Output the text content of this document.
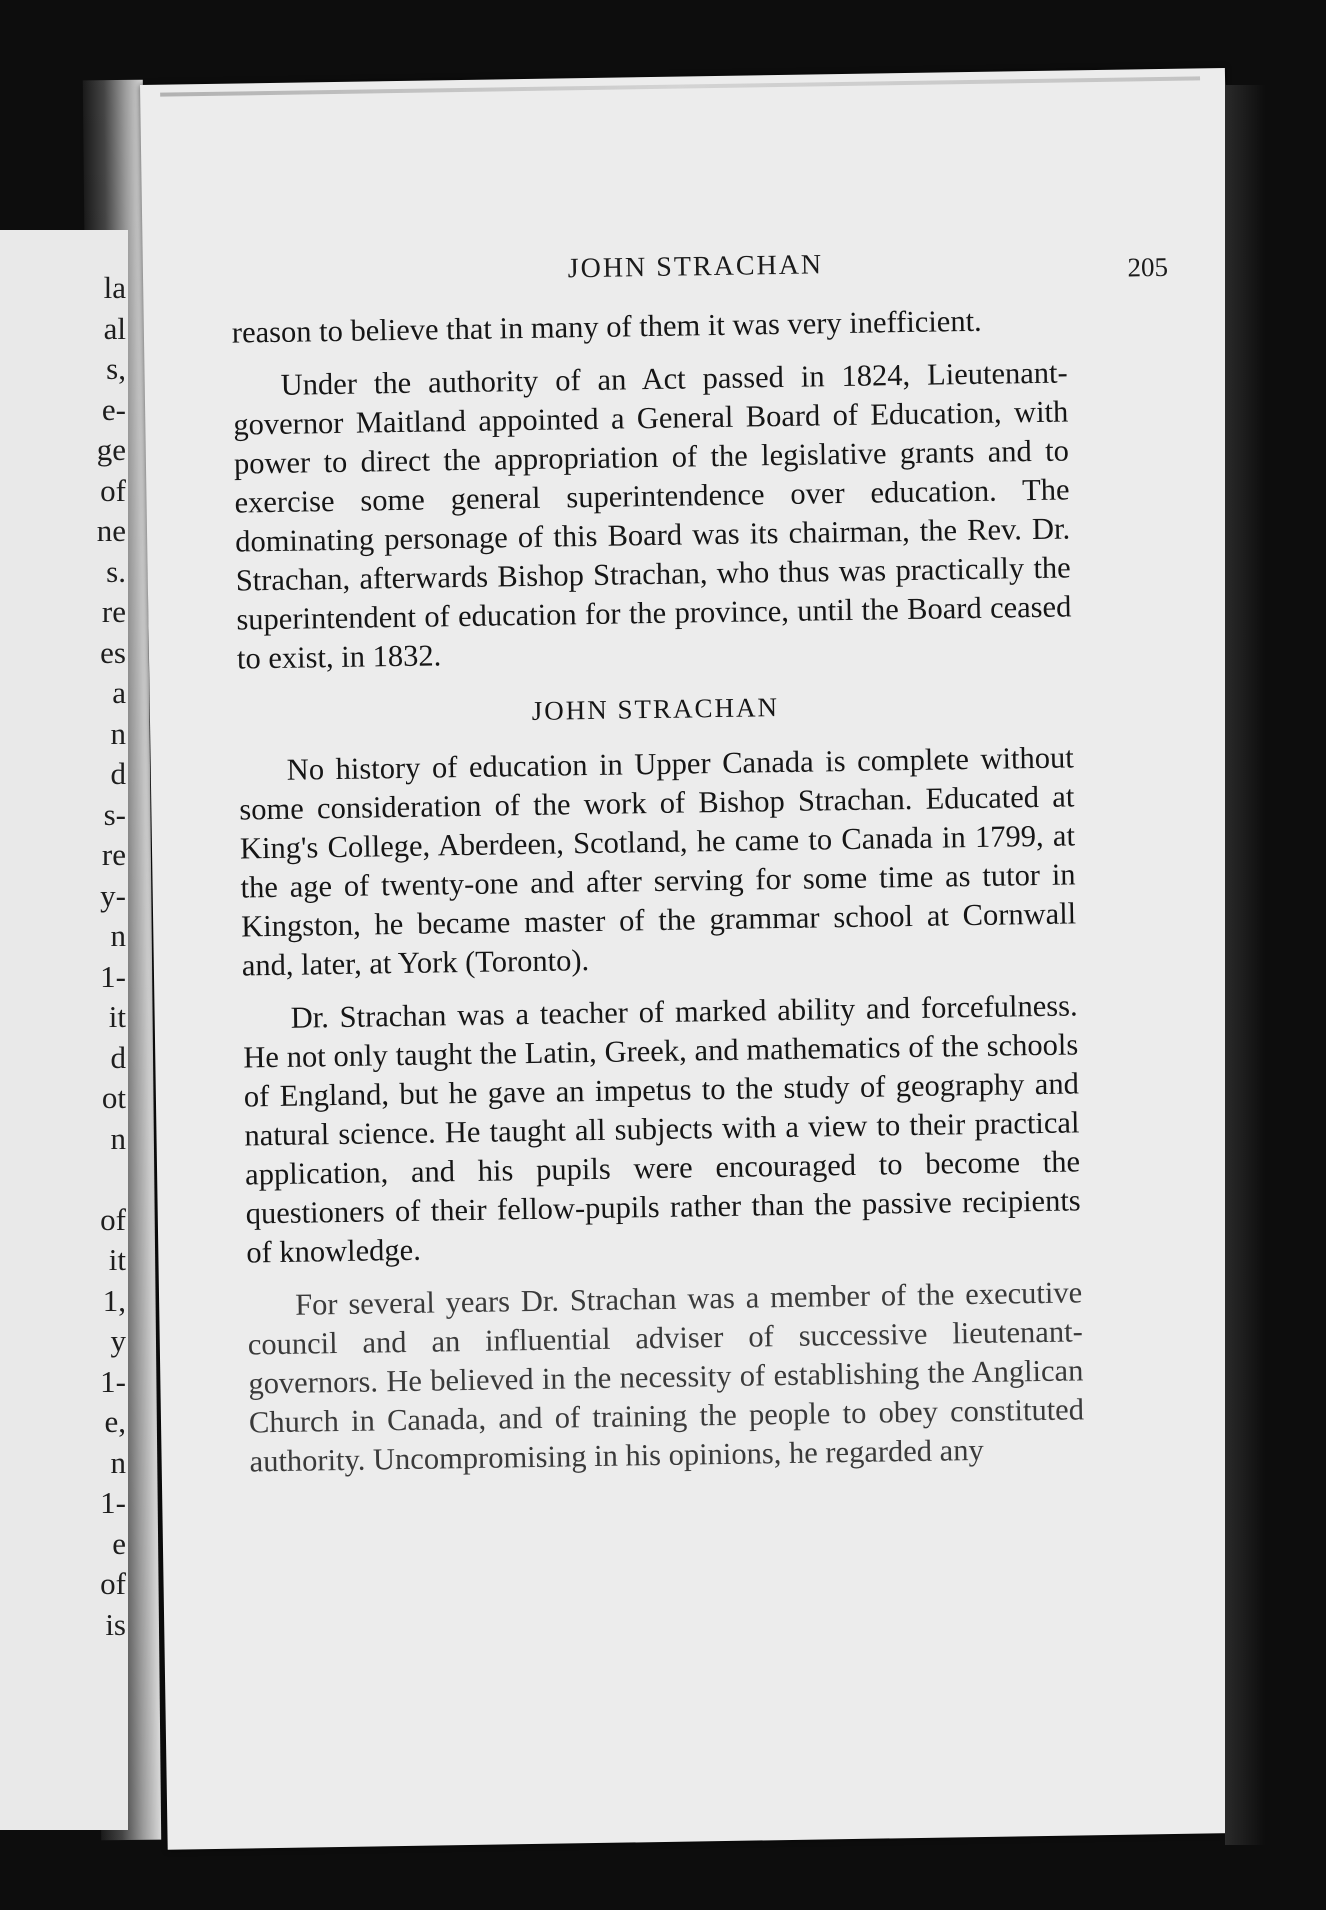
la
al
s,
e-
ge
of
ne
s.
re
es
a
n
d
s-
re
y-
n
1-
it
d
ot
n
of
it
1,
y
1-
e,
n
1-
e
of
is
JOHN STRACHAN	205

reason to believe that in many of them it was very inefficient.

Under the authority of an Act passed in 1824, Lieutenant-governor Maitland appointed a General Board of Education, with power to direct the appropriation of the legislative grants and to exercise some general superintendence over education. The dominating personage of this Board was its chairman, the Rev. Dr. Strachan, afterwards Bishop Strachan, who thus was practically the superintendent of education for the province, until the Board ceased to exist, in 1832.

JOHN STRACHAN

No history of education in Upper Canada is complete without some consideration of the work of Bishop Strachan. Educated at King's College, Aberdeen, Scotland, he came to Canada in 1799, at the age of twenty-one and after serving for some time as tutor in Kingston, he became master of the grammar school at Cornwall and, later, at York (Toronto).

Dr. Strachan was a teacher of marked ability and forcefulness. He not only taught the Latin, Greek, and mathematics of the schools of England, but he gave an impetus to the study of geography and natural science. He taught all subjects with a view to their practical application, and his pupils were encouraged to become the questioners of their fellow-pupils rather than the passive recipients of knowledge.

For several years Dr. Strachan was a member of the executive council and an influential adviser of successive lieutenant-governors. He believed in the necessity of establishing the Anglican Church in Canada, and of training the people to obey constituted authority. Uncompromising in his opinions, he regarded any
